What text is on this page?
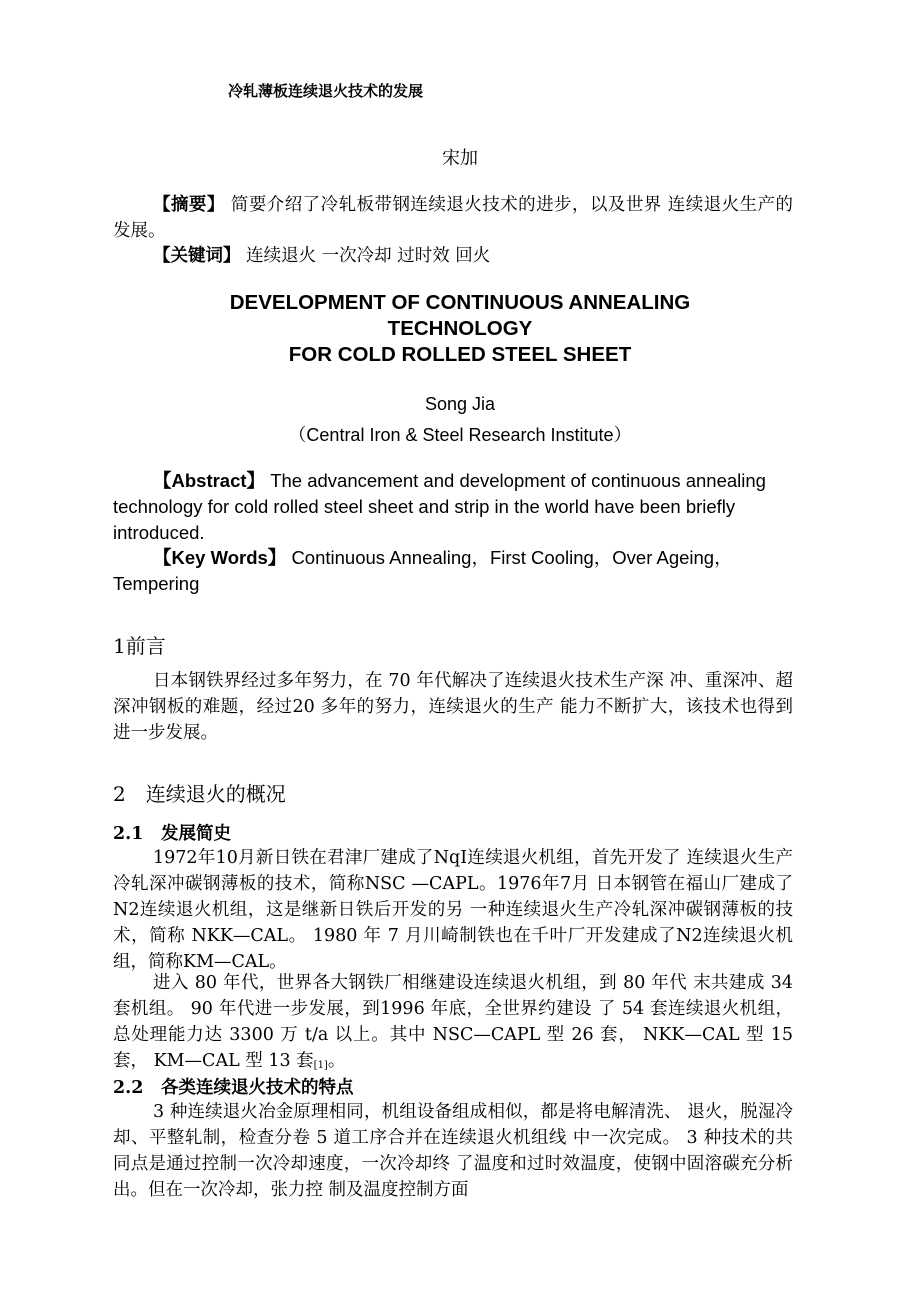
冷轧薄板连续退火技术的发展
宋加

【摘要】 简要介绍了冷轧板带钢连续退火技术的进步，以及世界 连续退火生产的发展。

【关键词】 连续退火 一次冷却 过时效 回火

DEVELOPMENT OF CONTINUOUS ANNEALING
TECHNOLOGY
FOR COLD ROLLED STEEL SHEET
Song Jia
（Central Iron & Steel Research Institute）

【Abstract】 The advancement and development of continuous annealing technology for cold rolled steel sheet and strip in the world have been briefly introduced.

【Key Words】 Continuous Annealing，First Cooling，Over Ageing，Tempering

1前言

日本钢铁界经过多年努力，在 70 年代解决了连续退火技术生产深 冲、重深冲、超深冲钢板的难题，经过20 多年的努力，连续退火的生产 能力不断扩大，该技术也得到进一步发展。

2　连续退火的概况
2.1　发展简史

1972年10月新日铁在君津厂建成了NqI连续退火机组，首先开发了 连续退火生产冷轧深冲碳钢薄板的技术，简称NSC —CAPL。1976年7月 日本钢管在福山厂建成了N2连续退火机组，这是继新日铁后开发的另 一种连续退火生产冷轧深冲碳钢薄板的技术，简称 NKK—CAL。 1980 年 7 月川崎制铁也在千叶厂开发建成了N2连续退火机组，简称KM—CAL。

进入 80 年代，世界各大钢铁厂相继建设连续退火机组，到 80 年代 末共建成 34 套机组。 90 年代进一步发展，到1996 年底，全世界约建设 了 54 套连续退火机组，总处理能力达 3300 万 t/a 以上。其中 NSC—CAPL 型 26 套， NKK—CAL 型 15 套， KM—CAL 型 13 套[1]。

2.2　各类连续退火技术的特点

3 种连续退火冶金原理相同，机组设备组成相似，都是将电解清洗、 退火，脱湿冷却、平整轧制，检查分卷 5 道工序合并在连续退火机组线 中一次完成。 3 种技术的共同点是通过控制一次冷却速度，一次冷却终 了温度和过时效温度，使钢中固溶碳充分析出。但在一次冷却，张力控 制及温度控制方面
